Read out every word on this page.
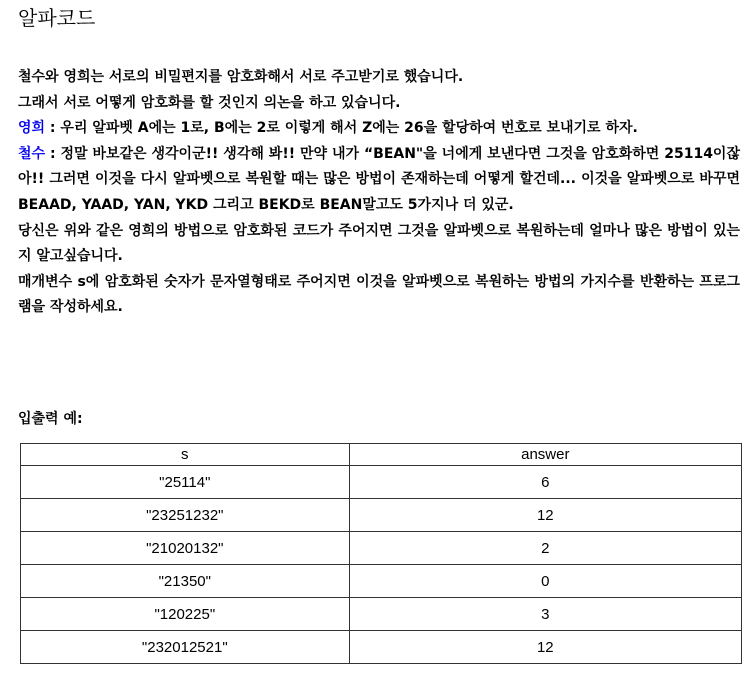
알파코드

철수와 영희는 서로의 비밀편지를 암호화해서 서로 주고받기로 했습니다.

그래서 서로 어떻게 암호화를 할 것인지 의논을 하고 있습니다.

영희 : 우리 알파벳 A에는 1로, B에는 2로 이렇게 해서 Z에는 26을 할당하여 번호로 보내기로 하자.

철수 : 정말 바보같은 생각이군!! 생각해 봐!! 만약 내가 “BEAN"을 너에게 보낸다면 그것을 암호화하면 25114이잖아!! 그러면 이것을 다시 알파벳으로 복원할 때는 많은 방법이 존재하는데 어떻게 할건데... 이것을 알파벳으로 바꾸면 BEAAD, YAAD, YAN, YKD 그리고 BEKD로 BEAN말고도 5가지나 더 있군.

당신은 위와 같은 영희의 방법으로 암호화된 코드가 주어지면 그것을 알파벳으로 복원하는데 얼마나 많은 방법이 있는지 알고싶습니다.

매개변수 s에 암호화된 숫자가 문자열형태로 주어지면 이것을 알파벳으로 복원하는 방법의 가지수를 반환하는 프로그램을 작성하세요.

입출력 예:
s	answer
"25114"	6
"23251232"	12
"21020132"	2
"21350"	0
"120225"	3
"232012521"	12
